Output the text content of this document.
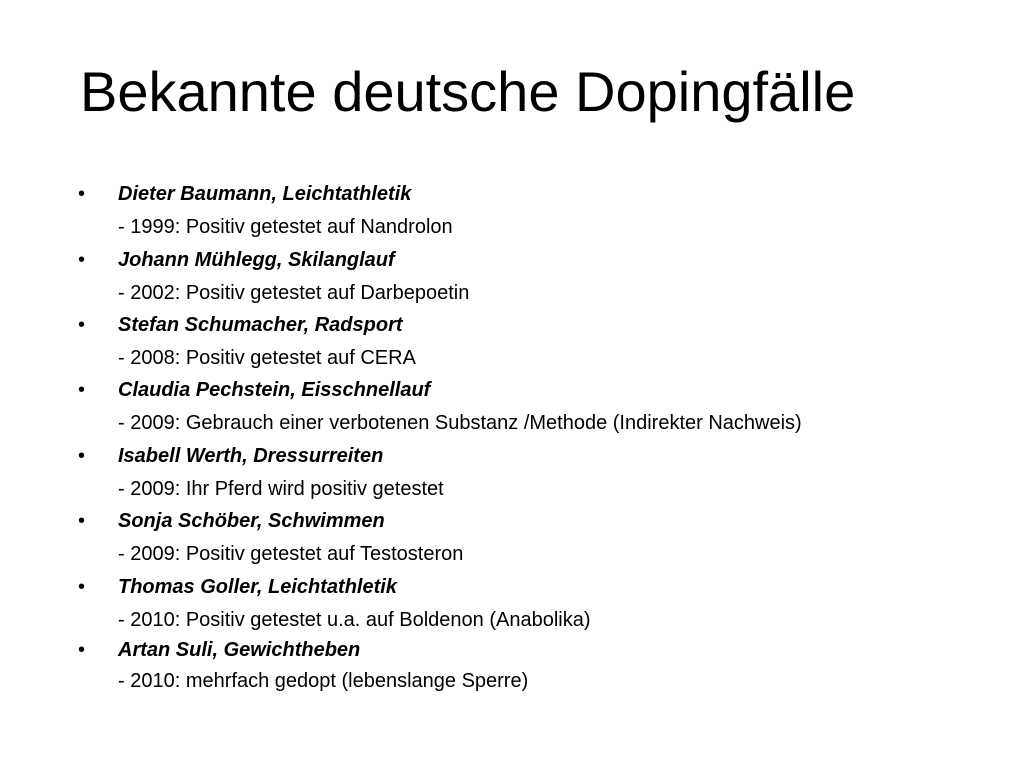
Bekannte deutsche Dopingfälle
• Dieter Baumann, Leichtathletik
- 1999: Positiv getestet auf Nandrolon
• Johann Mühlegg, Skilanglauf
- 2002: Positiv getestet auf Darbepoetin
• Stefan Schumacher, Radsport
- 2008: Positiv getestet auf CERA
• Claudia Pechstein, Eisschnellauf
- 2009: Gebrauch einer verbotenen Substanz /Methode (Indirekter Nachweis)
• Isabell Werth, Dressurreiten
- 2009: Ihr Pferd wird positiv getestet
• Sonja Schöber, Schwimmen
- 2009: Positiv getestet auf Testosteron
• Thomas Goller, Leichtathletik
- 2010: Positiv getestet u.a. auf Boldenon (Anabolika)
• Artan Suli, Gewichtheben
- 2010: mehrfach gedopt (lebenslange Sperre)
